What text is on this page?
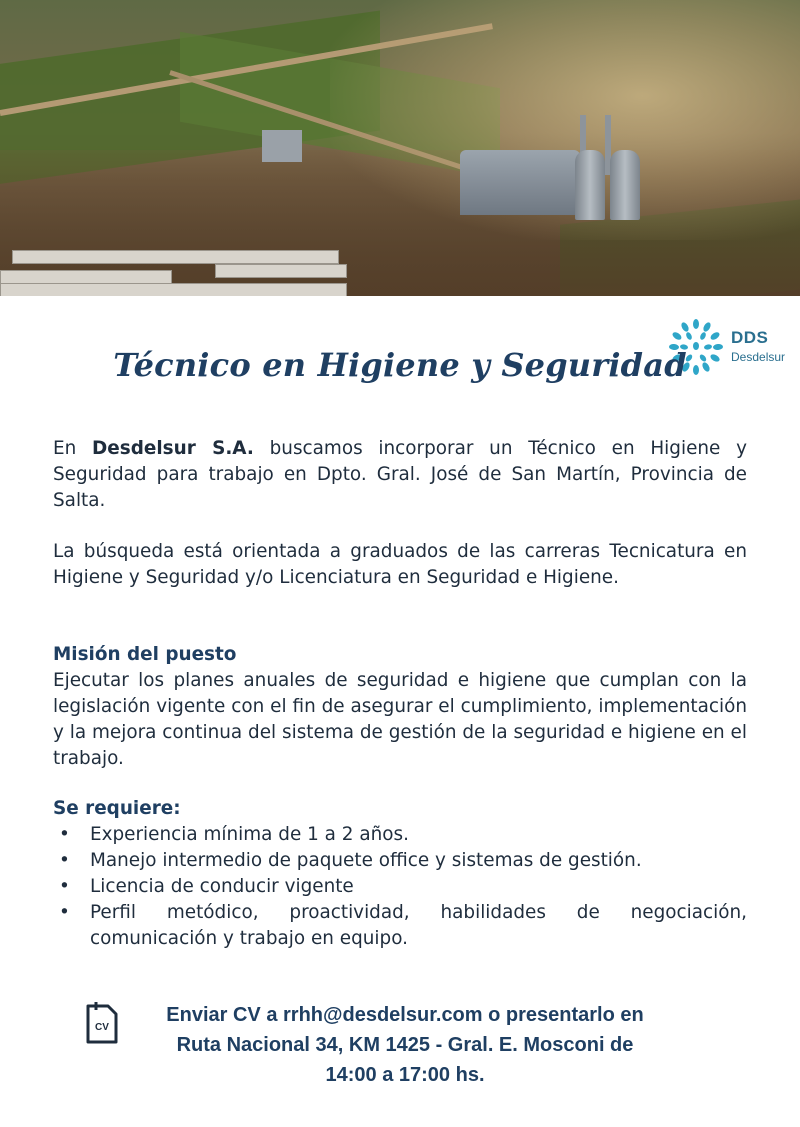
DDS
Desdelsur
Técnico en Higiene y Seguridad

En Desdelsur S.A. buscamos incorporar un Técnico en Higiene y Seguridad para trabajo en Dpto. Gral. José de San Martín, Provincia de Salta.

La búsqueda está orientada a graduados de las carreras Tecnicatura en Higiene y Seguridad y/o Licenciatura en Seguridad e Higiene.

Misión del puesto

Ejecutar los planes anuales de seguridad e higiene que cumplan con la legislación vigente con el fin de asegurar el cumplimiento, implementación y la mejora continua del sistema de gestión de la seguridad e higiene en el trabajo.

Se requiere:

• Experiencia mínima de 1 a 2 años.
• Manejo intermedio de paquete office y sistemas de gestión.
• Licencia de conducir vigente
• Perfil metódico, proactividad, habilidades de negociación, comunicación y trabajo en equipo.
CV
Enviar CV a rrhh@desdelsur.com o presentarlo en
Ruta Nacional 34, KM 1425 - Gral. E. Mosconi de
14:00 a 17:00 hs.
